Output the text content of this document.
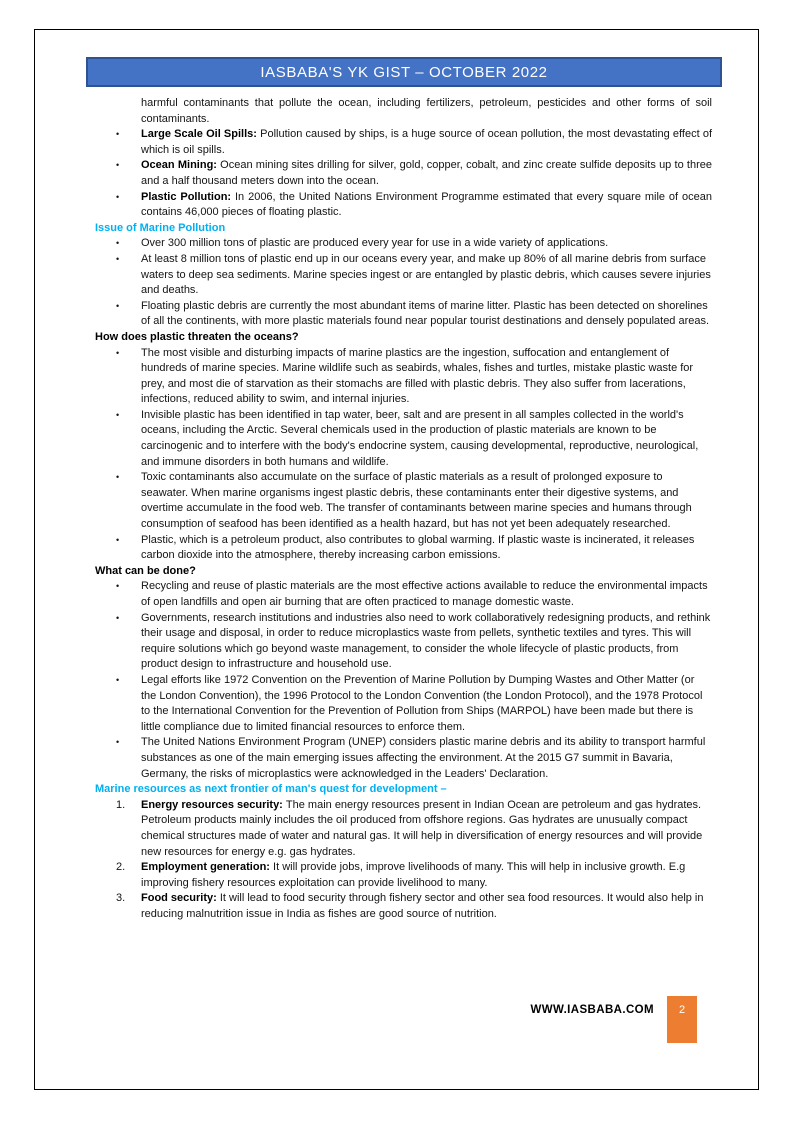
IASBABA'S YK GIST – OCTOBER 2022

harmful contaminants that pollute the ocean, including fertilizers, petroleum, pesticides and other forms of soil contaminants.

• Large Scale Oil Spills: Pollution caused by ships, is a huge source of ocean pollution, the most devastating effect of which is oil spills.

• Ocean Mining: Ocean mining sites drilling for silver, gold, copper, cobalt, and zinc create sulfide deposits up to three and a half thousand meters down into the ocean.

• Plastic Pollution: In 2006, the United Nations Environment Programme estimated that every square mile of ocean contains 46,000 pieces of floating plastic.

Issue of Marine Pollution

• Over 300 million tons of plastic are produced every year for use in a wide variety of applications.

• At least 8 million tons of plastic end up in our oceans every year, and make up 80% of all marine debris from surface waters to deep sea sediments. Marine species ingest or are entangled by plastic debris, which causes severe injuries and deaths.

• Floating plastic debris are currently the most abundant items of marine litter. Plastic has been detected on shorelines of all the continents, with more plastic materials found near popular tourist destinations and densely populated areas.

How does plastic threaten the oceans?

• The most visible and disturbing impacts of marine plastics are the ingestion, suffocation and entanglement of hundreds of marine species. Marine wildlife such as seabirds, whales, fishes and turtles, mistake plastic waste for prey, and most die of starvation as their stomachs are filled with plastic debris. They also suffer from lacerations, infections, reduced ability to swim, and internal injuries.

• Invisible plastic has been identified in tap water, beer, salt and are present in all samples collected in the world's oceans, including the Arctic. Several chemicals used in the production of plastic materials are known to be carcinogenic and to interfere with the body's endocrine system, causing developmental, reproductive, neurological, and immune disorders in both humans and wildlife.

• Toxic contaminants also accumulate on the surface of plastic materials as a result of prolonged exposure to seawater. When marine organisms ingest plastic debris, these contaminants enter their digestive systems, and overtime accumulate in the food web. The transfer of contaminants between marine species and humans through consumption of seafood has been identified as a health hazard, but has not yet been adequately researched.

• Plastic, which is a petroleum product, also contributes to global warming. If plastic waste is incinerated, it releases carbon dioxide into the atmosphere, thereby increasing carbon emissions.

What can be done?

• Recycling and reuse of plastic materials are the most effective actions available to reduce the environmental impacts of open landfills and open air burning that are often practiced to manage domestic waste.

• Governments, research institutions and industries also need to work collaboratively redesigning products, and rethink their usage and disposal, in order to reduce microplastics waste from pellets, synthetic textiles and tyres. This will require solutions which go beyond waste management, to consider the whole lifecycle of plastic products, from product design to infrastructure and household use.

• Legal efforts like 1972 Convention on the Prevention of Marine Pollution by Dumping Wastes and Other Matter (or the London Convention), the 1996 Protocol to the London Convention (the London Protocol), and the 1978 Protocol to the International Convention for the Prevention of Pollution from Ships (MARPOL) have been made but there is little compliance due to limited financial resources to enforce them.

• The United Nations Environment Program (UNEP) considers plastic marine debris and its ability to transport harmful substances as one of the main emerging issues affecting the environment. At the 2015 G7 summit in Bavaria, Germany, the risks of microplastics were acknowledged in the Leaders' Declaration.

Marine resources as next frontier of man's quest for development –

1. Energy resources security: The main energy resources present in Indian Ocean are petroleum and gas hydrates. Petroleum products mainly includes the oil produced from offshore regions. Gas hydrates are unusually compact chemical structures made of water and natural gas. It will help in diversification of energy resources and will provide new resources for energy e.g. gas hydrates.

2. Employment generation: It will provide jobs, improve livelihoods of many. This will help in inclusive growth. E.g improving fishery resources exploitation can provide livelihood to many.

3. Food security: It will lead to food security through fishery sector and other sea food resources. It would also help in reducing malnutrition issue in India as fishes are good source of nutrition.

WWW.IASBABA.COM	2
